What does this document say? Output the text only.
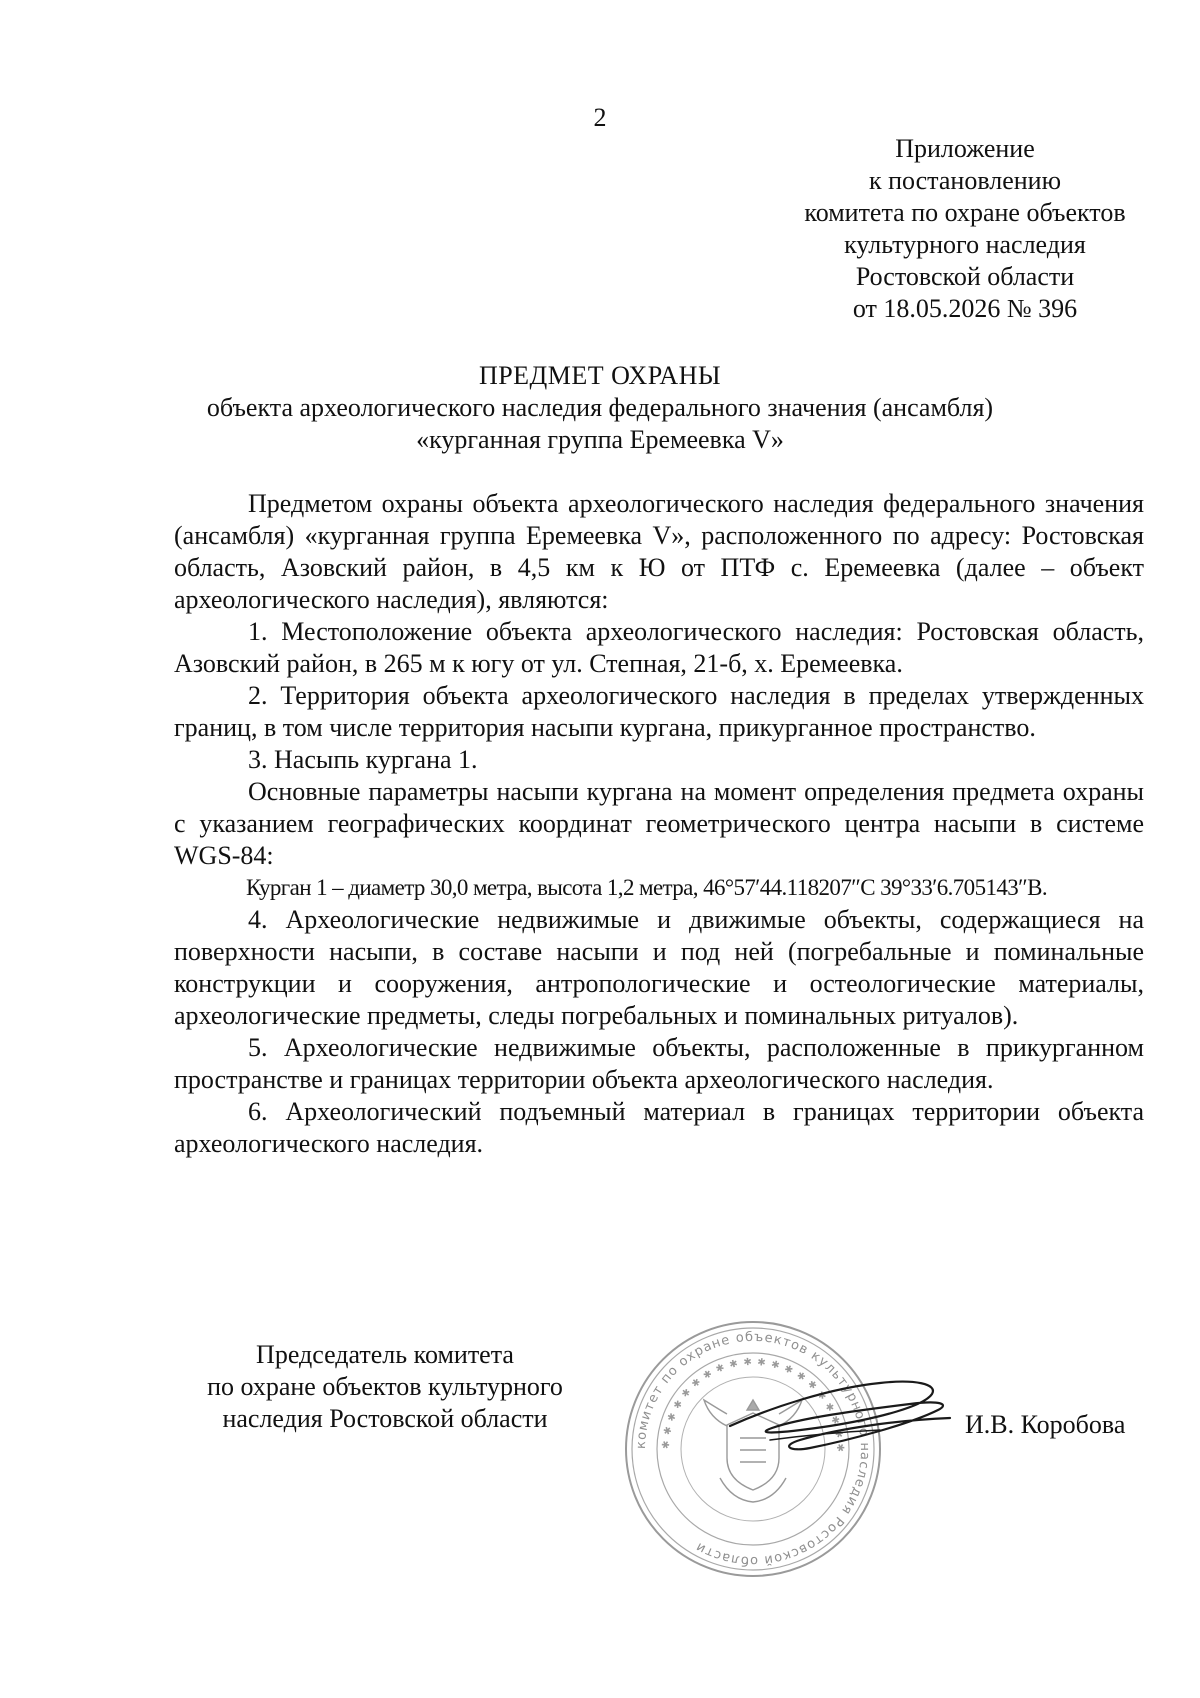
2
Приложение
к постановлению
комитета по охране объектов
культурного наследия
Ростовской области
от 18.05.2026 № 396
ПРЕДМЕТ ОХРАНЫ
объекта археологического наследия федерального значения (ансамбля)
«курганная группа Еремеевка V»

Предметом охраны объекта археологического наследия федерального значения (ансамбля) «курганная группа Еремеевка V», расположенного по адресу: Ростовская область, Азовский район, в 4,5 км к Ю от ПТФ с. Еремеевка (далее – объект археологического наследия), являются:

1. Местоположение объекта археологического наследия: Ростовская область, Азовский район, в 265 м к югу от ул. Степная, 21-б, х. Еремеевка.

2. Территория объекта археологического наследия в пределах утвержденных границ, в том числе территория насыпи кургана, прикурганное пространство.

3. Насыпь кургана 1.

Основные параметры насыпи кургана на момент определения предмета охраны с указанием географических координат геометрического центра насыпи в системе WGS-84:

Курган 1 – диаметр 30,0 метра, высота 1,2 метра, 46°57′44.118207″С 39°33′6.705143″В.

4. Археологические недвижимые и движимые объекты, содержащиеся на поверхности насыпи, в составе насыпи и под ней (погребальные и поминальные конструкции и сооружения, антропологические и остеологические материалы, археологические предметы, следы погребальных и поминальных ритуалов).

5. Археологические недвижимые объекты, расположенные в прикурганном пространстве и границах территории объекта археологического наследия.

6. Археологический подъемный материал в границах территории объекта археологического наследия.

Председатель комитета
по охране объектов культурного
наследия Ростовской области
комитет по охране объектов культурного наследия Ростовской области
✱ ✱ ✱ ✱ ✱ ✱ ✱ ✱ ✱ ✱ ✱ ✱ ✱ ✱ ✱ ✱ ✱ ✱ ✱ ✱
И.В. Коробова
